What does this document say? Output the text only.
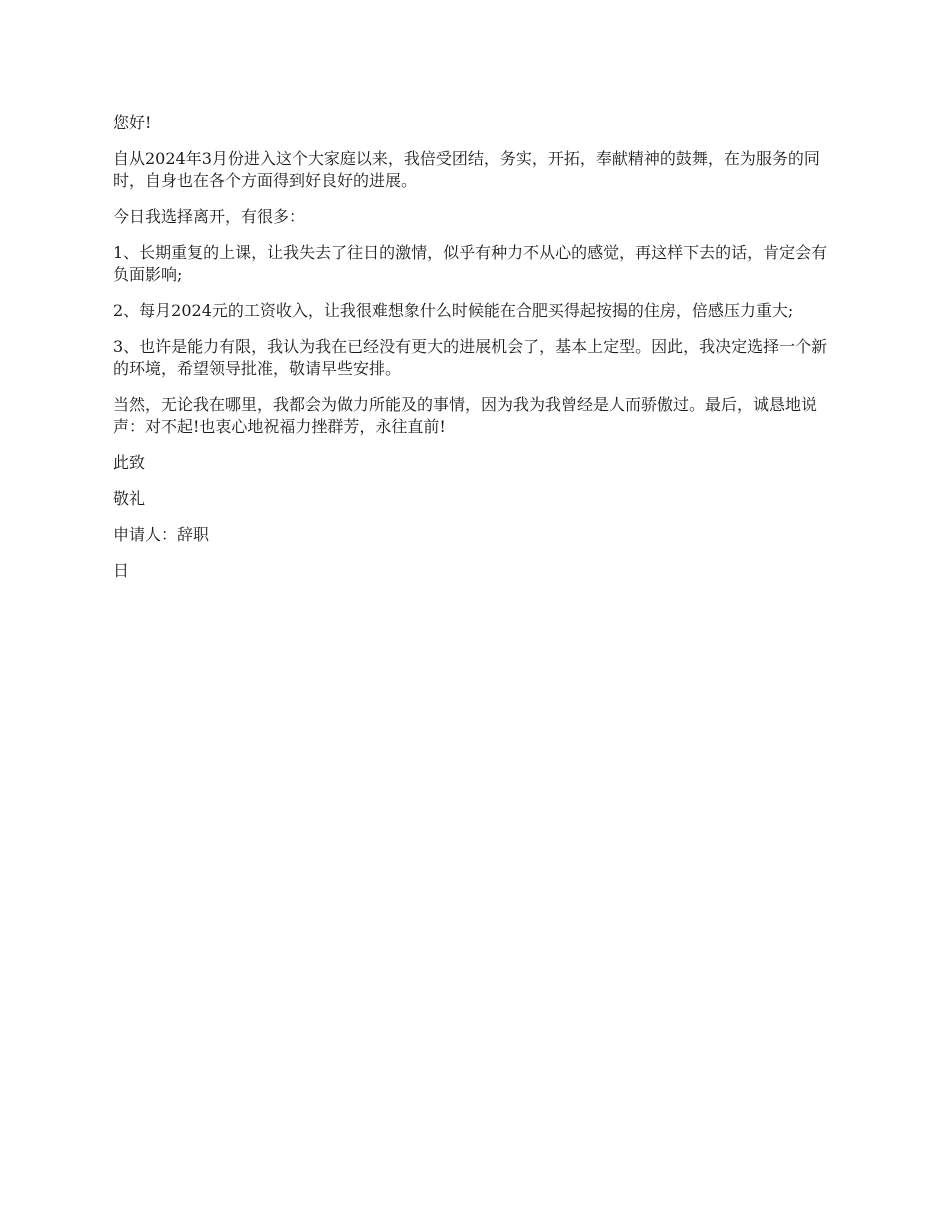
您好!

自从2024年3月份进入这个大家庭以来，我倍受团结，务实，开拓，奉献精神的鼓舞，在为服务的同时，自身也在各个方面得到好良好的进展。

今日我选择离开，有很多：

1、长期重复的上课，让我失去了往日的激情，似乎有种力不从心的感觉，再这样下去的话，肯定会有负面影响;

2、每月2024元的工资收入，让我很难想象什么时候能在合肥买得起按揭的住房，倍感压力重大;

3、也许是能力有限，我认为我在已经没有更大的进展机会了，基本上定型。因此，我决定选择一个新的环境，希望领导批准，敬请早些安排。

当然，无论我在哪里，我都会为做力所能及的事情，因为我为我曾经是人而骄傲过。最后，诚恳地说声：对不起!也衷心地祝福力挫群芳，永往直前!

此致

敬礼

申请人：辞职

日
